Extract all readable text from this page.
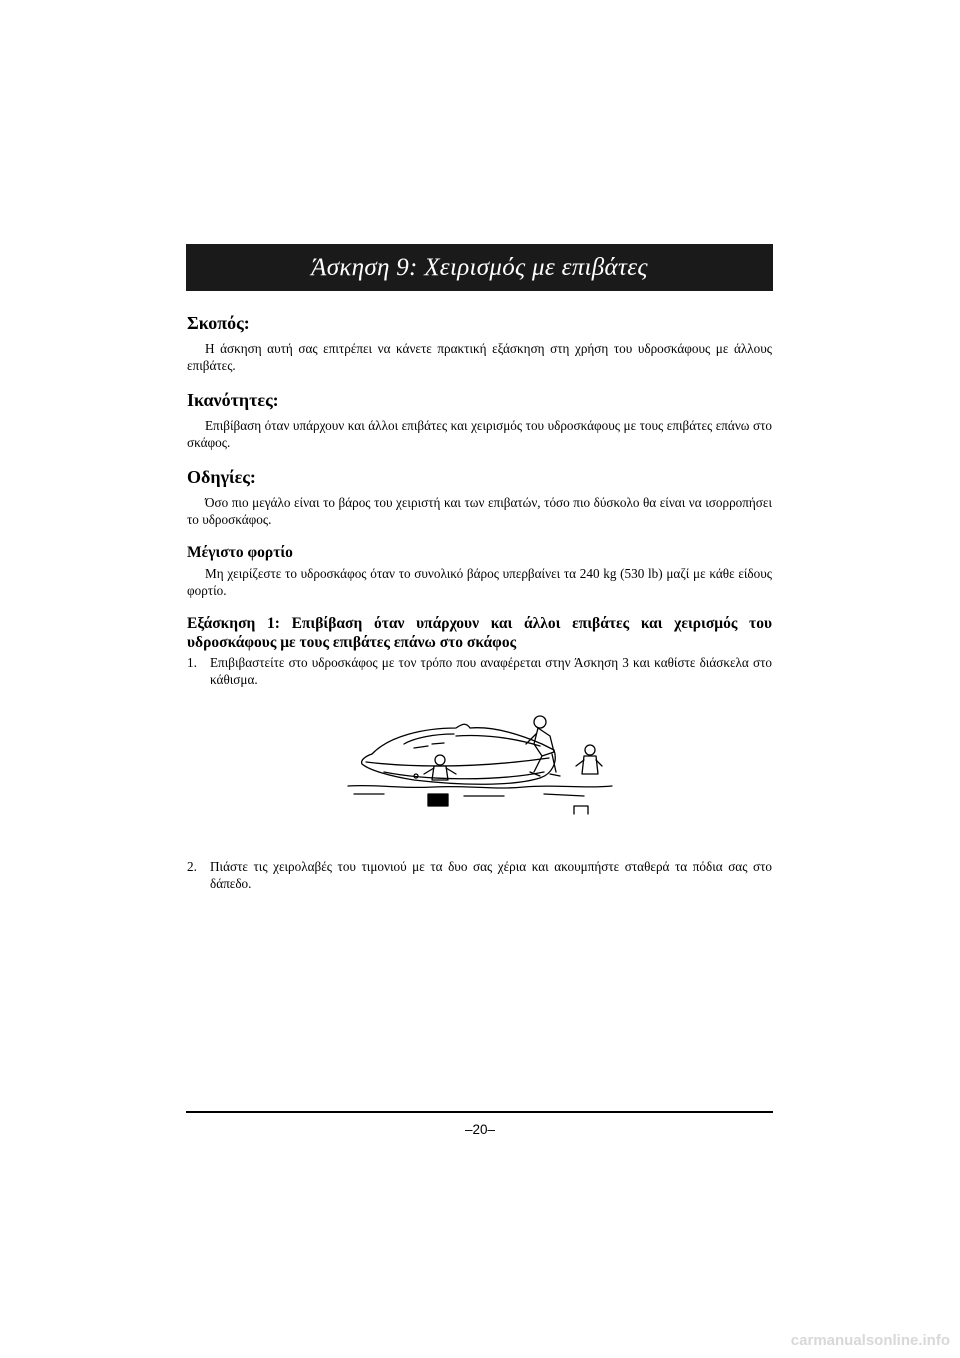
Άσκηση 9: Χειρισμός με επιβάτες
Σκοπός:

Η άσκηση αυτή σας επιτρέπει να κάνετε πρακτική εξάσκηση στη χρήση του υδροσκάφους με άλλους επιβάτες.

Ικανότητες:

Επιβίβαση όταν υπάρχουν και άλλοι επιβάτες και χειρισμός του υδροσκάφους με τους επιβάτες επάνω στο σκάφος.

Οδηγίες:

Όσο πιο μεγάλο είναι το βάρος του χειριστή και των επιβατών, τόσο πιο δύσκολο θα είναι να ισορροπήσει το υδροσκάφος.

Μέγιστο φορτίο

Μη χειρίζεστε το υδροσκάφος όταν το συνολικό βάρος υπερβαίνει τα 240 kg (530 lb) μαζί με κάθε είδους φορτίο.

Εξάσκηση 1: Επιβίβαση όταν υπάρχουν και άλλοι επιβάτες και χειρισμός του υδροσκάφους με τους επιβάτες επάνω στο σκάφος
1. Επιβιβαστείτε στο υδροσκάφος με τον τρόπο που αναφέρεται στην Άσκηση 3 και καθίστε διάσκελα στο κάθισμα.
2. Πιάστε τις χειρολαβές του τιμονιού με τα δυο σας χέρια και ακουμπήστε σταθερά τα πόδια σας στο δάπεδο.
–20–
carmanualsonline.info
